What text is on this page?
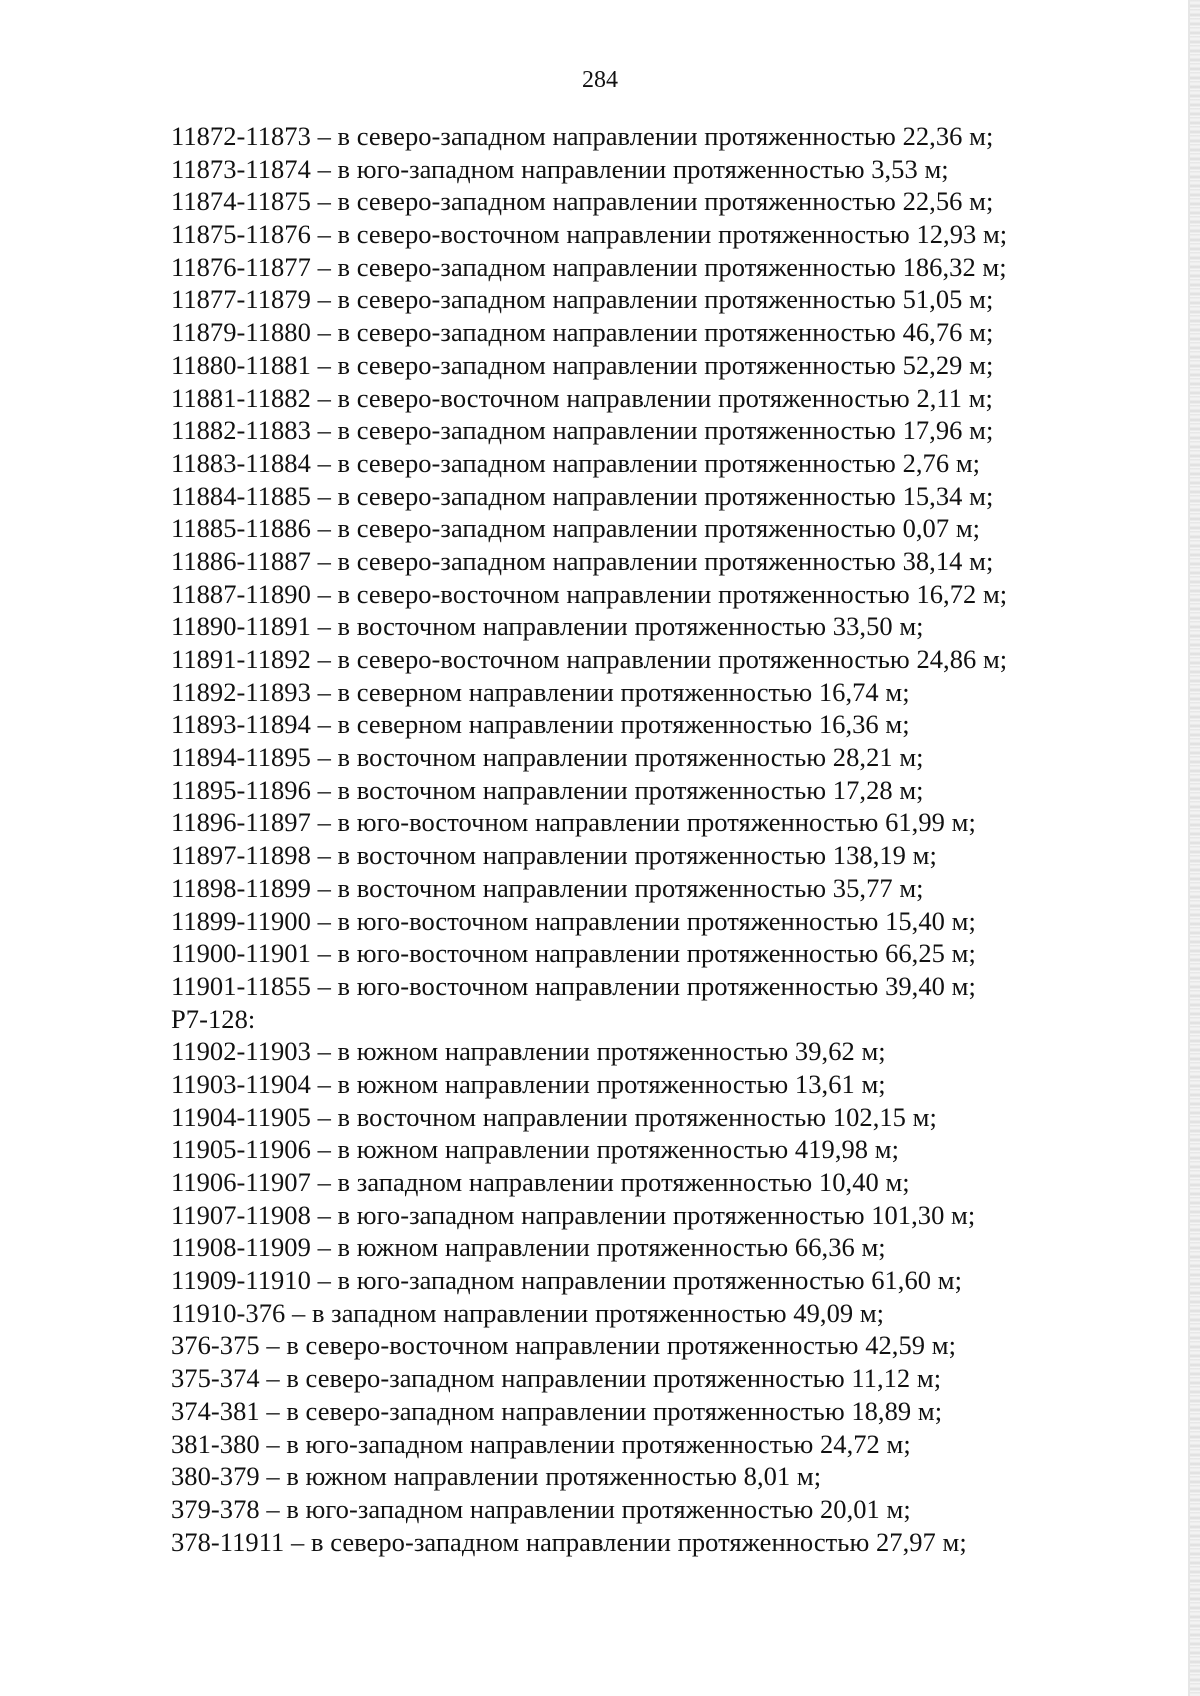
284
11872-11873 – в северо-западном направлении протяженностью 22,36 м;
11873-11874 – в юго-западном направлении протяженностью 3,53 м;
11874-11875 – в северо-западном направлении протяженностью 22,56 м;
11875-11876 – в северо-восточном направлении протяженностью 12,93 м;
11876-11877 – в северо-западном направлении протяженностью 186,32 м;
11877-11879 – в северо-западном направлении протяженностью 51,05 м;
11879-11880 – в северо-западном направлении протяженностью 46,76 м;
11880-11881 – в северо-западном направлении протяженностью 52,29 м;
11881-11882 – в северо-восточном направлении протяженностью 2,11 м;
11882-11883 – в северо-западном направлении протяженностью 17,96 м;
11883-11884 – в северо-западном направлении протяженностью 2,76 м;
11884-11885 – в северо-западном направлении протяженностью 15,34 м;
11885-11886 – в северо-западном направлении протяженностью 0,07 м;
11886-11887 – в северо-западном направлении протяженностью 38,14 м;
11887-11890 – в северо-восточном направлении протяженностью 16,72 м;
11890-11891 – в восточном направлении протяженностью 33,50 м;
11891-11892 – в северо-восточном направлении протяженностью 24,86 м;
11892-11893 – в северном направлении протяженностью 16,74 м;
11893-11894 – в северном направлении протяженностью 16,36 м;
11894-11895 – в восточном направлении протяженностью 28,21 м;
11895-11896 – в восточном направлении протяженностью 17,28 м;
11896-11897 – в юго-восточном направлении протяженностью 61,99 м;
11897-11898 – в восточном направлении протяженностью 138,19 м;
11898-11899 – в восточном направлении протяженностью 35,77 м;
11899-11900 – в юго-восточном направлении протяженностью 15,40 м;
11900-11901 – в юго-восточном направлении протяженностью 66,25 м;
11901-11855 – в юго-восточном направлении протяженностью 39,40 м;
Р7-128:
11902-11903 – в южном направлении протяженностью 39,62 м;
11903-11904 – в южном направлении протяженностью 13,61 м;
11904-11905 – в восточном направлении протяженностью 102,15 м;
11905-11906 – в южном направлении протяженностью 419,98 м;
11906-11907 – в западном направлении протяженностью 10,40 м;
11907-11908 – в юго-западном направлении протяженностью 101,30 м;
11908-11909 – в южном направлении протяженностью 66,36 м;
11909-11910 – в юго-западном направлении протяженностью 61,60 м;
11910-376 – в западном направлении протяженностью 49,09 м;
376-375 – в северо-восточном направлении протяженностью 42,59 м;
375-374 – в северо-западном направлении протяженностью 11,12 м;
374-381 – в северо-западном направлении протяженностью 18,89 м;
381-380 – в юго-западном направлении протяженностью 24,72 м;
380-379 – в южном направлении протяженностью 8,01 м;
379-378 – в юго-западном направлении протяженностью 20,01 м;
378-11911 – в северо-западном направлении протяженностью 27,97 м;
